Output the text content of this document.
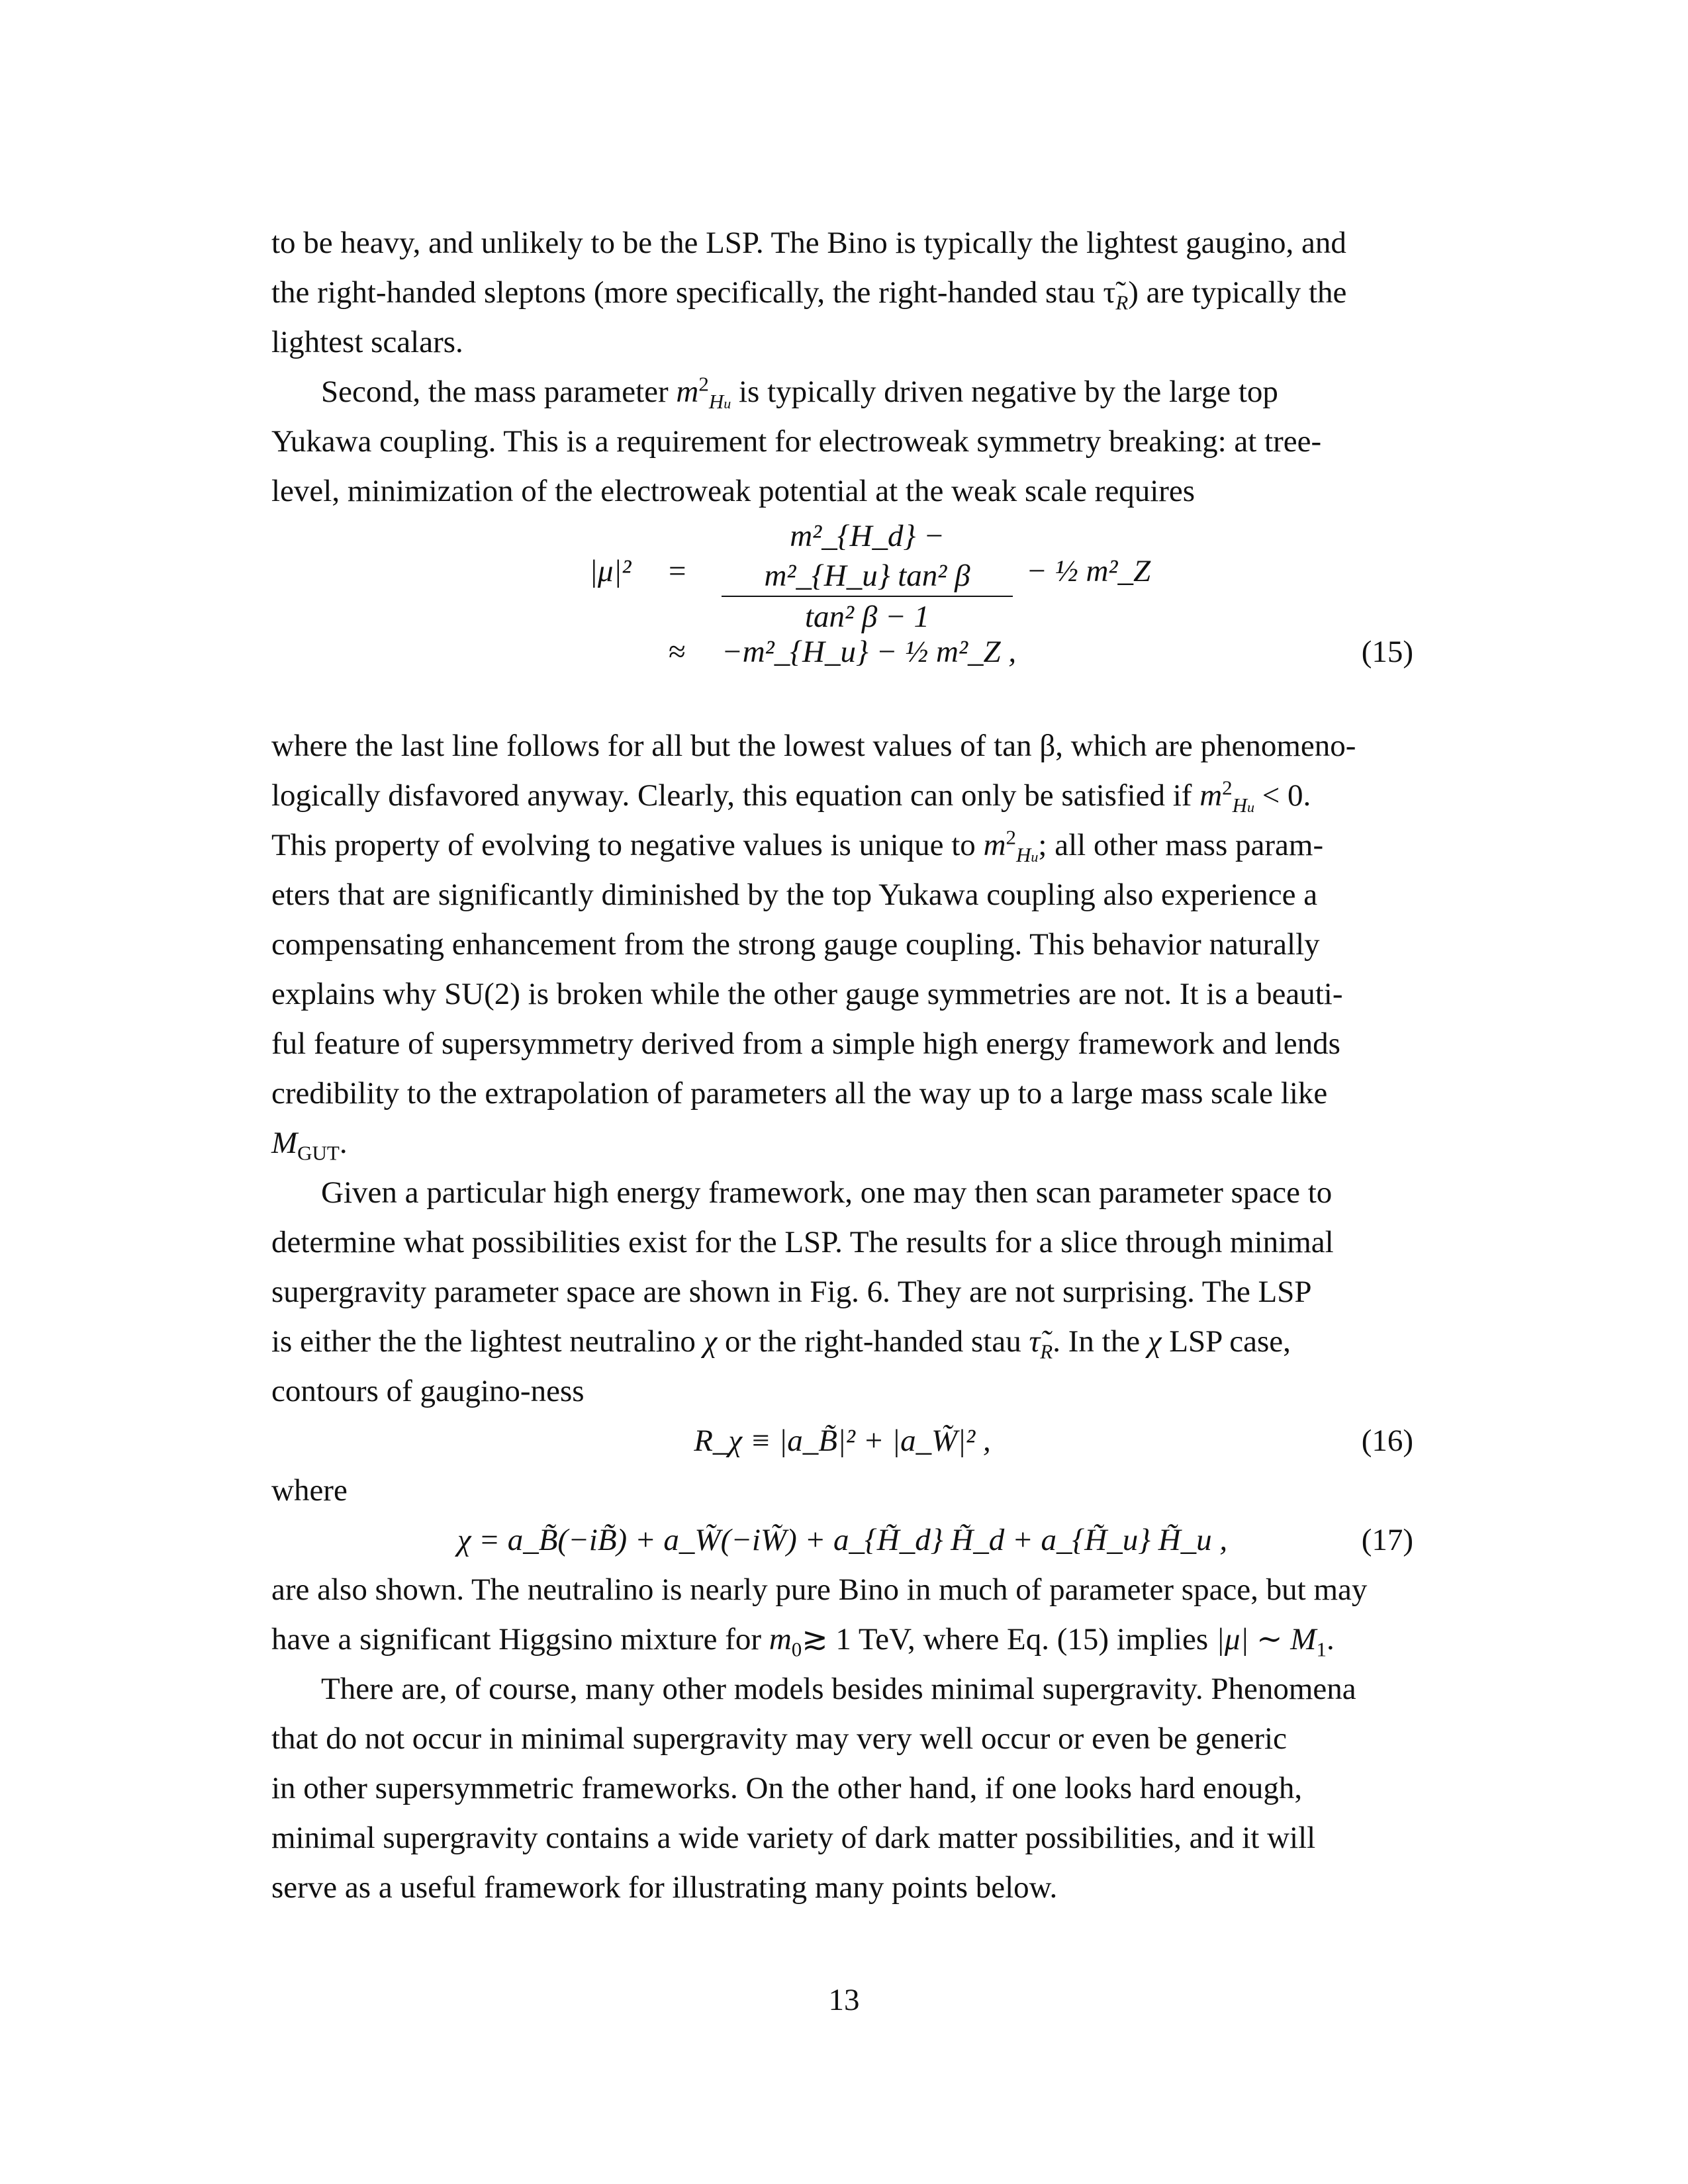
to be heavy, and unlikely to be the LSP. The Bino is typically the lightest gaugino, and
the right-handed sleptons (more specifically, the right-handed stau $\taũ_R$) are typically the
lightest scalars.

Second, the mass parameter $m^2_{Hu}$ is typically driven negative by the large top
Yukawa coupling. This is a requirement for electroweak symmetry breaking: at tree-
level, minimization of the electroweak potential at the weak scale requires

$|\mu|^2 = \frac{\text{m²\_\{H\_d\} − m²\_\{H\_u\} tan² β}}{\text{tan² β − 1}}$ − ½ m²_Z
≈ −m²_{H_u} − ½ m²_Z ,	(15)

where the last line follows for all but the lowest values of tan β, which are phenomeno-
logically disfavored anyway. Clearly, this equation can only be satisfied if $m^2_{Hu} < 0$.
This property of evolving to negative values is unique to $m^2_{Hu}$; all other mass param-
eters that are significantly diminished by the top Yukawa coupling also experience a
compensating enhancement from the strong gauge coupling. This behavior naturally
explains why SU(2) is broken while the other gauge symmetries are not. It is a beauti-
ful feature of supersymmetry derived from a simple high energy framework and lends
credibility to the extrapolation of parameters all the way up to a large mass scale like
$M_{GUT}$.

Given a particular high energy framework, one may then scan parameter space to
determine what possibilities exist for the LSP. The results for a slice through minimal
supergravity parameter space are shown in Fig. 6. They are not surprising. The LSP
is either the the lightest neutralino χ or the right-handed stau $\taũ_R$. In the χ LSP case,
contours of gaugino-ness

R_χ ≡ |a_B̃|² + |a_W̃|² ,	(16)

where

χ = a_B̃(−iB̃) + a_W̃(−iW̃) + a_{H̃_d} H̃_d + a_{H̃_u} H̃_u ,	(17)

are also shown. The neutralino is nearly pure Bino in much of parameter space, but may
have a significant Higgsino mixture for $m_0≳$ 1 TeV, where Eq. (15) implies |μ| ∼ $M_1$.

There are, of course, many other models besides minimal supergravity. Phenomena
that do not occur in minimal supergravity may very well occur or even be generic
in other supersymmetric frameworks. On the other hand, if one looks hard enough,
minimal supergravity contains a wide variety of dark matter possibilities, and it will
serve as a useful framework for illustrating many points below.

13
